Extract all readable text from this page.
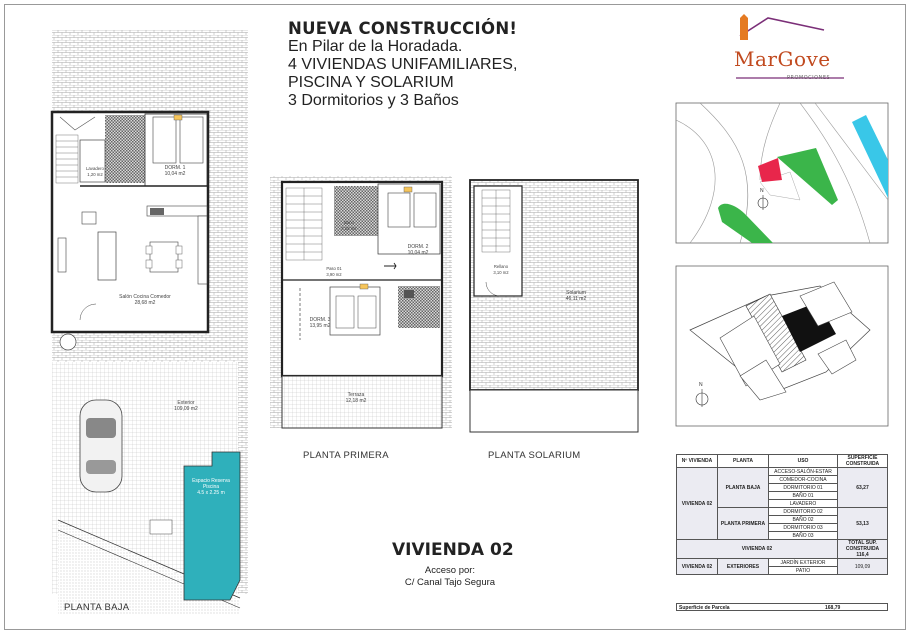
NUEVA CONSTRUCCIÓN!
En Pilar de la Horadada.
4 VIVIENDAS UNIFAMILIARES,
PISCINA Y SOLARIUM
3 Dormitorios y 3 Baños
MarGove
PROMOCIONES
DORM. 1
10,04 m2
Lavadero
1,20 m2
Salón Cocina Comedor
28,68 m2
Exterior
109,09 m2
Espacio Reserva Piscina
4.5 x 2.25 m
PLANTA BAJA
DORM. 2
10,04 m2
DORM. 3
13,95 m2
Paso 01
3,90 m2
Baño
4,28 m2
Terraza
12,18 m2
PLANTA PRIMERA
Solarium
46,11 m2
Rellano
3,10 m2
PLANTA SOLARIUM
N
N
VIVIENDA 02
Acceso por:
C/ Canal Tajo Segura
Nº VIVIENDA	PLANTA	USO	SUPERFICIE CONSTRUIDA
VIVIENDA 02	PLANTA BAJA	ACCESO-SALÓN-ESTAR	63,27
		COMEDOR-COCINA	
		DORMITORIO 01	
		BAÑO 01	
		LAVADERO	
	PLANTA PRIMERA	DORMITORIO 02	53,13
		BAÑO 02	
		DORMITORIO 03	
		BAÑO 03	
VIVIENDA 02			TOTAL SUP. CONSTRUIDA
116,4

VIVIENDA 02	EXTERIORES	JARDÍN EXTERIOR	109,09
		PATIO	
Superficie de Parcela	168,79
